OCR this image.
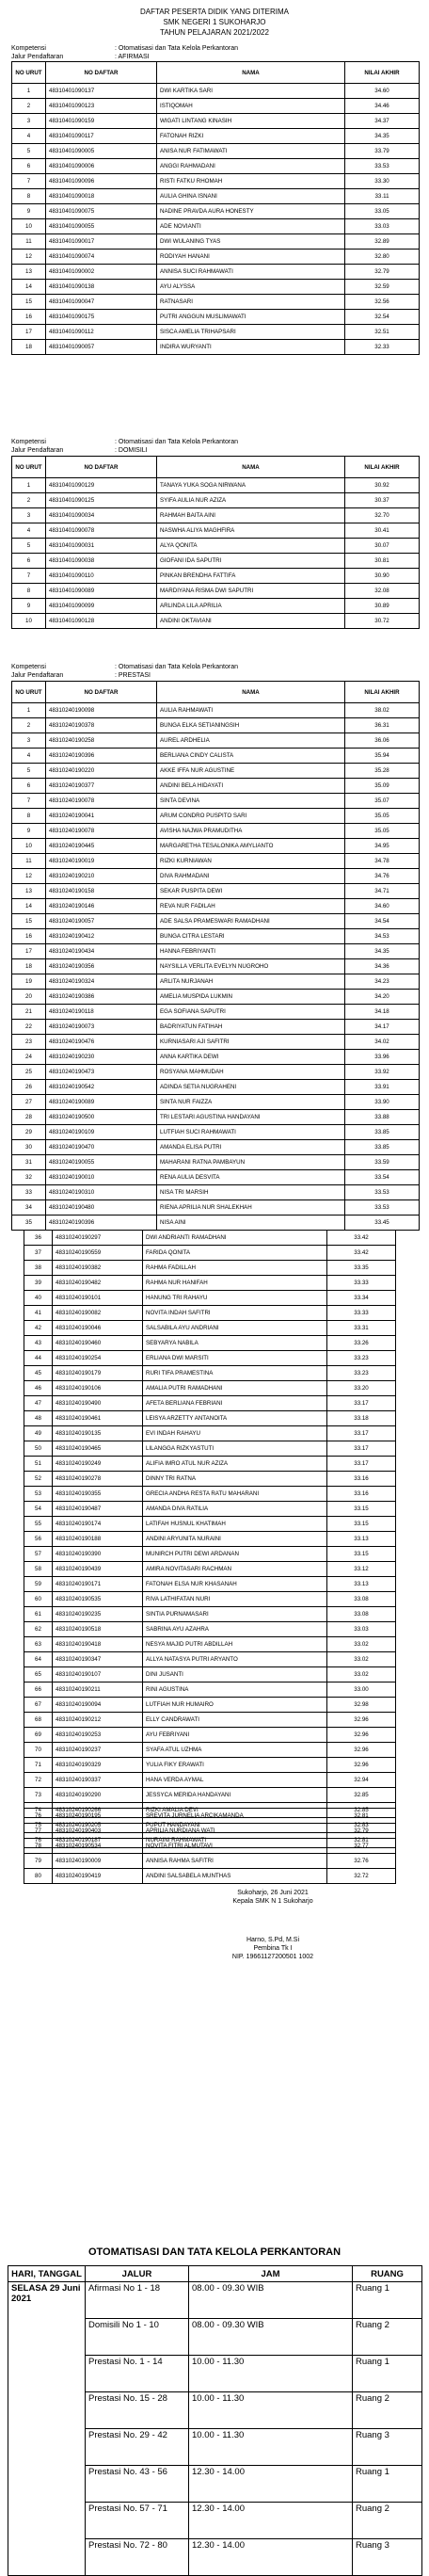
DAFTAR PESERTA DIDIK YANG DITERIMA
SMK NEGERI 1 SUKOHARJO
TAHUN PELAJARAN 2021/2022
Kompetensi	: Otomatisasi dan Tata Kelola Perkantoran
Jalur Pendaftaran	: AFIRMASI
NO URUT	NO DAFTAR	NAMA	NILAI AKHIR
1	48310401090137	DWI KARTIKA SARI	34.60
2	48310401090123	ISTIQOMAH	34.46
3	48310401090159	WIGATI LINTANG KINASIH	34.37
4	48310401090117	FATONAH RIZKI	34.35
5	48310401090005	ANISA NUR FATIMAWATI	33.79
6	48310401090006	ANGGI RAHMADANI	33.53
7	48310401090096	RISTI FATKU RHOMAH	33.30
8	48310401090018	AULIA GHINA ISNANI	33.11
9	48310401090075	NADINE PRAVDA AURA HONESTY	33.05
10	48310401090055	ADE NOVIANTI	33.03
11	48310401090017	DWI WULANING TYAS	32.89
12	48310401090074	RODIYAH HANANI	32.80
13	48310401090002	ANNISA SUCI RAHMAWATI	32.79
14	48310401090138	AYU ALYSSA	32.59
15	48310401090047	RATNASARI	32.56
16	48310401090175	PUTRI ANGGUN MUSLIMAWATI	32.54
17	48310401090112	SISCA AMELIA TRIHAPSARI	32.51
18	48310401090057	INDIRA WURYANTI	32.33
Kompetensi	: Otomatisasi dan Tata Kelola Perkantoran
Jalur Pendaftaran	: DOMISILI
NO URUT	NO DAFTAR	NAMA	NILAI AKHIR
1	48310401090129	TANAYA YUKA SOGA NIRWANA	30.92
2	48310401090125	SYIFA AULIA NUR AZIZA	30.37
3	48310401090034	RAHMAH BAITA AINI	32.70
4	48310401090078	NASWHA ALIYA MAGHFIRA	30.41
5	48310401090031	ALYA QONITA	30.07
6	48310401090038	GIOFANI IDA SAPUTRI	30.81
7	48310401090110	PINKAN BRENDHA FATTIFA	30.90
8	48310401090089	MARDIYANA RISMA DWI SAPUTRI	32.08
9	48310401090099	ARLINDA LILA APRILIA	30.89
10	48310401090128	ANDINI OKTAVIANI	30.72
Kompetensi	: Otomatisasi dan Tata Kelola Perkantoran
Jalur Pendaftaran	: PRESTASI
NO URUT	NO DAFTAR	NAMA	NILAI AKHIR
1	48310240190098	AULIA RAHMAWATI	38.02
2	48310240190378	BUNGA ELKA SETIANINGSIH	36.31
3	48310240190258	AUREL ARDHELIA	36.06
4	48310240190396	BERLIANA CINDY CALISTA	35.94
5	48310240190220	AKKE IFFA NUR AGUSTINE	35.28
6	48310240190377	ANDINI BELA HIDAYATI	35.09
7	48310240190078	SINTA DEVINA	35.07
8	48310240190041	ARUM CONDRO PUSPITO SARI	35.05
9	48310240190078	AVISHA NAJWA PRAMUDITHA	35.05
10	48310240190445	MARGARETHA TESALONIKA AMYLIANTO	34.95
11	48310240190019	RIZKI KURNIAWAN	34.78
12	48310240190210	DIVA RAHMADANI	34.76
13	48310240190158	SEKAR PUSPITA DEWI	34.71
14	48310240190146	REVA NUR FADILAH	34.60
15	48310240190057	ADE SALSA PRAMESWARI RAMADHANI	34.54
16	48310240190412	BUNGA CITRA LESTARI	34.53
17	48310240190434	HANNA FEBRIYANTI	34.35
18	48310240190356	NAYSILLA VERLITA EVELYN NUGROHO	34.36
19	48310240190324	ARLITA NURJANAH	34.23
20	48310240190386	AMELIA MUSPIDA LUKMIN	34.20
21	48310240190118	EGA SOFIANA SAPUTRI	34.18
22	48310240190073	BADRIYATUN FATIHAH	34.17
23	48310240190476	KURNIASARI AJI SAFITRI	34.02
24	48310240190230	ANNA KARTIKA DEWI	33.96
25	48310240190473	ROSYANA MAHMUDAH	33.92
26	48310240190542	ADINDA SETIA NUGRAHENI	33.91
27	48310240190089	SINTA NUR FAIZZA	33.90
28	48310240190500	TRI LESTARI AGUSTINA HANDAYANI	33.88
29	48310240190109	LUTFIAH SUCI RAHMAWATI	33.85
30	48310240190470	AMANDA ELISA PUTRI	33.85
31	48310240190055	MAHARANI RATNA PAMBAYUN	33.59
32	48310240190010	RENA AULIA DESVITA	33.54
33	48310240190310	NISA TRI MARSIH	33.53
34	48310240190480	RIENA APRILIA NUR SHALEKHAH	33.53
35	48310240190396	NISA AINI	33.45
36	48310240190297	DWI ANDRIANTI RAMADHANI	33.42
37	48310240190559	FARIDA QONITA	33.42
38	48310240190382	RAHMA FADILLAH	33.35
39	48310240190482	RAHMA NUR HANIFAH	33.33
40	48310240190101	HANUNG TRI RAHAYU	33.34
41	48310240190082	NOVITA INDAH SAFITRI	33.33
42	48310240190046	SALSABILA AYU ANDRIANI	33.31
43	48310240190460	SEBYARYA NABILA	33.26
44	48310240190254	ERLIANA DWI MARSITI	33.23
45	48310240190179	RURI TIFA PRAMESTINA	33.23
46	48310240190106	AMALIA PUTRI RAMADHANI	33.20
47	48310240190490	AFETA BERLIANA FEBRIANI	33.17
48	48310240190461	LEISYA ARZETTY ANTANOITA	33.18
49	48310240190135	EVI INDAH RAHAYU	33.17
50	48310240190465	LILANGGA RIZKYASTUTI	33.17
51	48310240190249	ALIFIA IMRO ATUL NUR AZIZA	33.17
52	48310240190278	DINNY TRI RATNA	33.16
53	48310240190355	GRECIA ANDHA RESTA RATU MAHARANI	33.16
54	48310240190487	AMANDA DIVA RATILIA	33.15
55	48310240190174	LATIFAH HUSNUL KHATIMAH	33.15
56	48310240190188	ANDINI ARYUNITA NURAINI	33.13
57	48310240190390	MUNIRCH PUTRI DEWI ARDANAN	33.15
58	48310240190439	AMIRA NOVITASARI RACHMAN	33.12
59	48310240190171	FATONAH ELSA NUR KHASANAH	33.13
60	48310240190535	RIVA LATHIFATAN NURI	33.08
61	48310240190235	SINTIA PURNAMASARI	33.08
62	48310240190518	SABRINA AYU AZAHRA	33.03
63	48310240190418	NESYA MAJID PUTRI ABDILLAH	33.02
64	48310240190347	ALLYA NATASYA PUTRI ARYANTO	33.02
65	48310240190107	DINI JUSANTI	33.02
66	48310240190211	RINI AGUSTINA	33.00
67	48310240190094	LUTFIAH NUR HUMAIRO	32.98
68	48310240190212	ELLY CANDRAWATI	32.96
69	48310240190253	AYU FEBRIYANI	32.96
70	48310240190237	SYAFA ATUL UZHMA	32.96
71	48310240190329	YULIA FIKY ERAWATI	32.96
72	48310240190337	HANA VERDA AYMAL	32.94
73	48310240190290	JESSYCA MERIDA HANDAYANI	32.85
74	48310240190266	RIZKI AMALIA DEVI	32.85
75	48310240190205	PUPUT HANDAYANI	32.83
76	48310240190187	NURAINI RAHMAWATI	32.81
76	48310240190195	SREVITA JURNELIA ARCIKAMANDA	32.81
77	48310240190403	APRILIA NURDIANA WATI	32.79
78	48310240190534	NOVITA FITRI ALMUTAVI	32.77
79	48310240190009	ANNISA RAHMA SAFITRI	32.76
80	48310240190419	ANDINI SALSABELA MUNTHAS	32.72
Sukoharjo, 26 Juni 2021
Kepala SMK N 1 Sukoharjo
Harno, S.Pd, M.Si
Pembina Tk I
NIP. 19661127200501 1002
OTOMATISASI DAN TATA KELOLA PERKANTORAN
HARI, TANGGAL	JALUR	JAM	RUANG
SELASA 29 Juni 2021	Afirmasi No 1 - 18	08.00 - 09.30 WIB	Ruang 1
	Domisili No 1 - 10	08.00 - 09.30 WIB	Ruang 2
	Prestasi No. 1 - 14	10.00 - 11.30	Ruang 1
	Prestasi No. 15 - 28	10.00 - 11.30	Ruang 2
	Prestasi No. 29 - 42	10.00 - 11.30	Ruang 3
	Prestasi No. 43 - 56	12.30 - 14.00	Ruang 1
	Prestasi No. 57 - 71	12.30 - 14.00	Ruang 2
	Prestasi No. 72 - 80	12.30 - 14.00	Ruang 3
